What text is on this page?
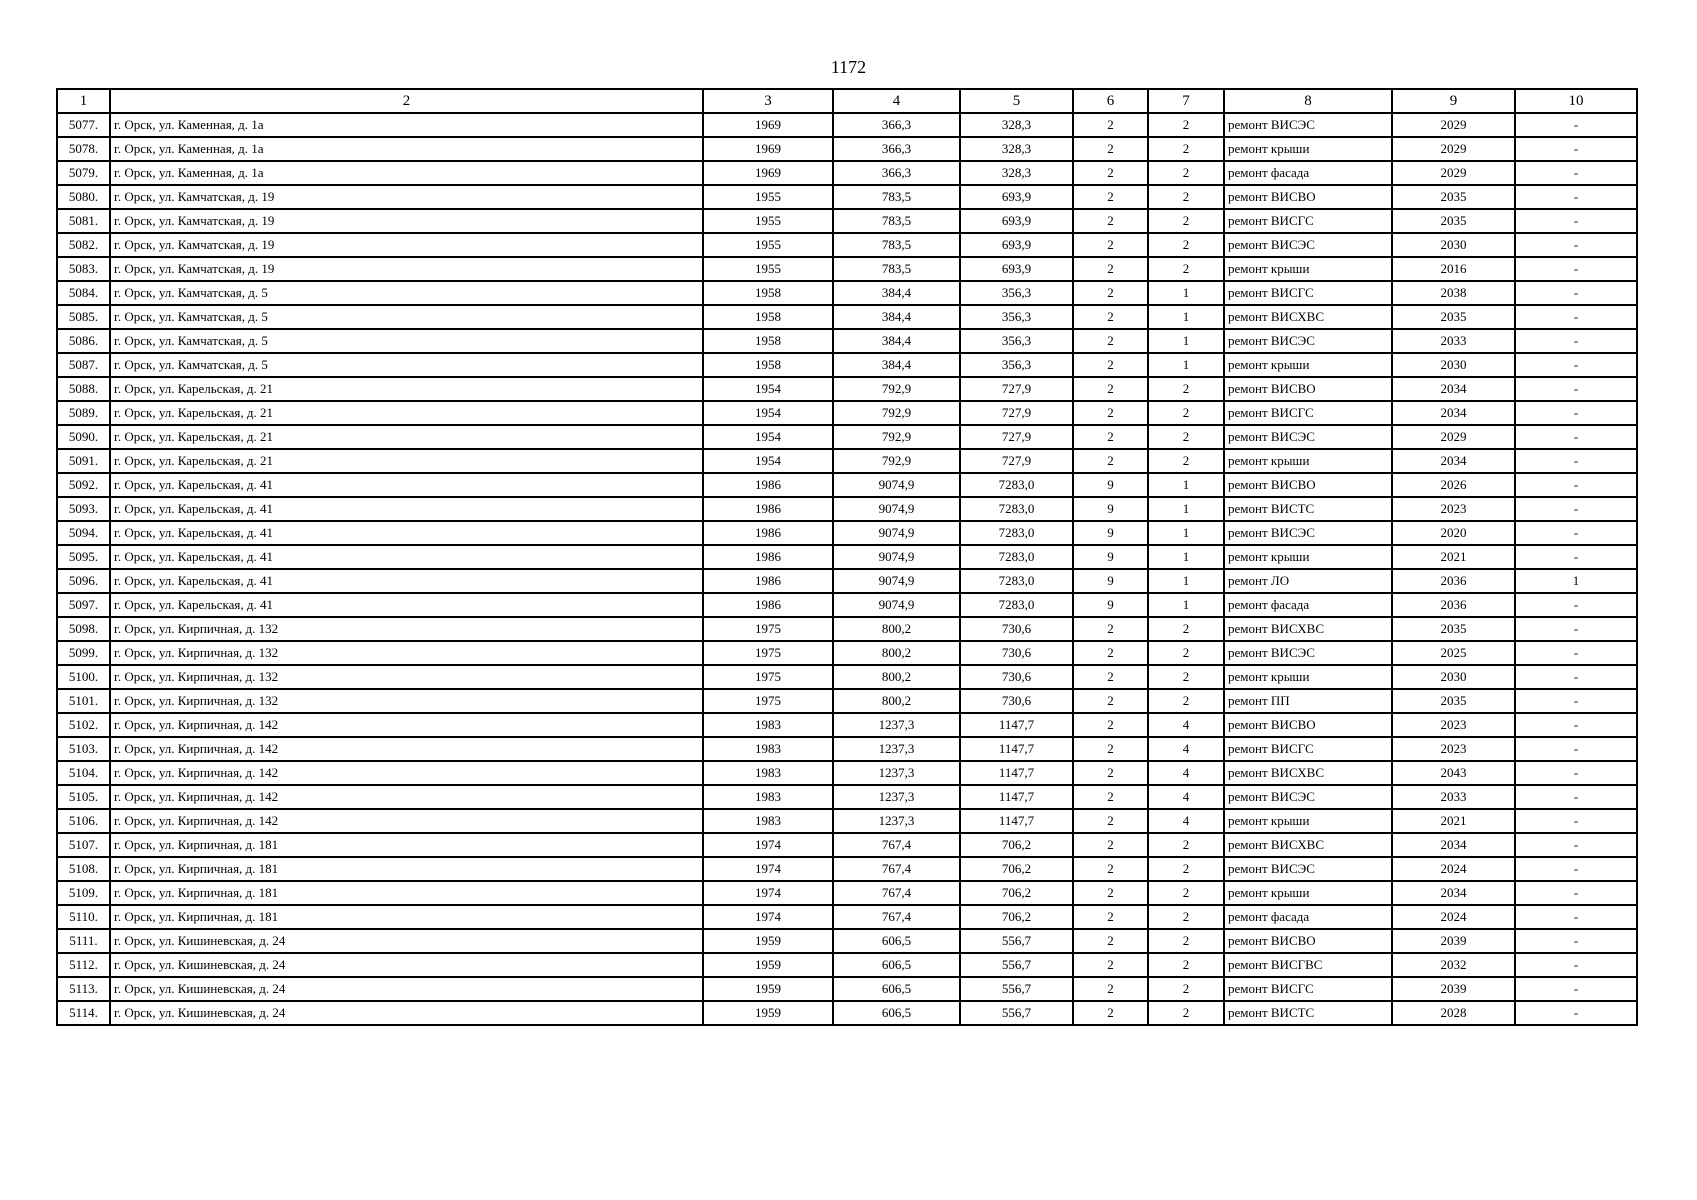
1172
1	2	3	4	5	6	7	8	9	10
5077.	г. Орск, ул. Каменная, д. 1а	1969	366,3	328,3	2	2	ремонт ВИСЭС	2029	-
5078.	г. Орск, ул. Каменная, д. 1а	1969	366,3	328,3	2	2	ремонт крыши	2029	-
5079.	г. Орск, ул. Каменная, д. 1а	1969	366,3	328,3	2	2	ремонт фасада	2029	-
5080.	г. Орск, ул. Камчатская, д. 19	1955	783,5	693,9	2	2	ремонт ВИСВО	2035	-
5081.	г. Орск, ул. Камчатская, д. 19	1955	783,5	693,9	2	2	ремонт ВИСГС	2035	-
5082.	г. Орск, ул. Камчатская, д. 19	1955	783,5	693,9	2	2	ремонт ВИСЭС	2030	-
5083.	г. Орск, ул. Камчатская, д. 19	1955	783,5	693,9	2	2	ремонт крыши	2016	-
5084.	г. Орск, ул. Камчатская, д. 5	1958	384,4	356,3	2	1	ремонт ВИСГС	2038	-
5085.	г. Орск, ул. Камчатская, д. 5	1958	384,4	356,3	2	1	ремонт ВИСХВС	2035	-
5086.	г. Орск, ул. Камчатская, д. 5	1958	384,4	356,3	2	1	ремонт ВИСЭС	2033	-
5087.	г. Орск, ул. Камчатская, д. 5	1958	384,4	356,3	2	1	ремонт крыши	2030	-
5088.	г. Орск, ул. Карельская, д. 21	1954	792,9	727,9	2	2	ремонт ВИСВО	2034	-
5089.	г. Орск, ул. Карельская, д. 21	1954	792,9	727,9	2	2	ремонт ВИСГС	2034	-
5090.	г. Орск, ул. Карельская, д. 21	1954	792,9	727,9	2	2	ремонт ВИСЭС	2029	-
5091.	г. Орск, ул. Карельская, д. 21	1954	792,9	727,9	2	2	ремонт крыши	2034	-
5092.	г. Орск, ул. Карельская, д. 41	1986	9074,9	7283,0	9	1	ремонт ВИСВО	2026	-
5093.	г. Орск, ул. Карельская, д. 41	1986	9074,9	7283,0	9	1	ремонт ВИСТС	2023	-
5094.	г. Орск, ул. Карельская, д. 41	1986	9074,9	7283,0	9	1	ремонт ВИСЭС	2020	-
5095.	г. Орск, ул. Карельская, д. 41	1986	9074,9	7283,0	9	1	ремонт крыши	2021	-
5096.	г. Орск, ул. Карельская, д. 41	1986	9074,9	7283,0	9	1	ремонт ЛО	2036	1
5097.	г. Орск, ул. Карельская, д. 41	1986	9074,9	7283,0	9	1	ремонт фасада	2036	-
5098.	г. Орск, ул. Кирпичная, д. 132	1975	800,2	730,6	2	2	ремонт ВИСХВС	2035	-
5099.	г. Орск, ул. Кирпичная, д. 132	1975	800,2	730,6	2	2	ремонт ВИСЭС	2025	-
5100.	г. Орск, ул. Кирпичная, д. 132	1975	800,2	730,6	2	2	ремонт крыши	2030	-
5101.	г. Орск, ул. Кирпичная, д. 132	1975	800,2	730,6	2	2	ремонт ПП	2035	-
5102.	г. Орск, ул. Кирпичная, д. 142	1983	1237,3	1147,7	2	4	ремонт ВИСВО	2023	-
5103.	г. Орск, ул. Кирпичная, д. 142	1983	1237,3	1147,7	2	4	ремонт ВИСГС	2023	-
5104.	г. Орск, ул. Кирпичная, д. 142	1983	1237,3	1147,7	2	4	ремонт ВИСХВС	2043	-
5105.	г. Орск, ул. Кирпичная, д. 142	1983	1237,3	1147,7	2	4	ремонт ВИСЭС	2033	-
5106.	г. Орск, ул. Кирпичная, д. 142	1983	1237,3	1147,7	2	4	ремонт крыши	2021	-
5107.	г. Орск, ул. Кирпичная, д. 181	1974	767,4	706,2	2	2	ремонт ВИСХВС	2034	-
5108.	г. Орск, ул. Кирпичная, д. 181	1974	767,4	706,2	2	2	ремонт ВИСЭС	2024	-
5109.	г. Орск, ул. Кирпичная, д. 181	1974	767,4	706,2	2	2	ремонт крыши	2034	-
5110.	г. Орск, ул. Кирпичная, д. 181	1974	767,4	706,2	2	2	ремонт фасада	2024	-
5111.	г. Орск, ул. Кишиневская, д. 24	1959	606,5	556,7	2	2	ремонт ВИСВО	2039	-
5112.	г. Орск, ул. Кишиневская, д. 24	1959	606,5	556,7	2	2	ремонт ВИСГВС	2032	-
5113.	г. Орск, ул. Кишиневская, д. 24	1959	606,5	556,7	2	2	ремонт ВИСГС	2039	-
5114.	г. Орск, ул. Кишиневская, д. 24	1959	606,5	556,7	2	2	ремонт ВИСТС	2028	-
